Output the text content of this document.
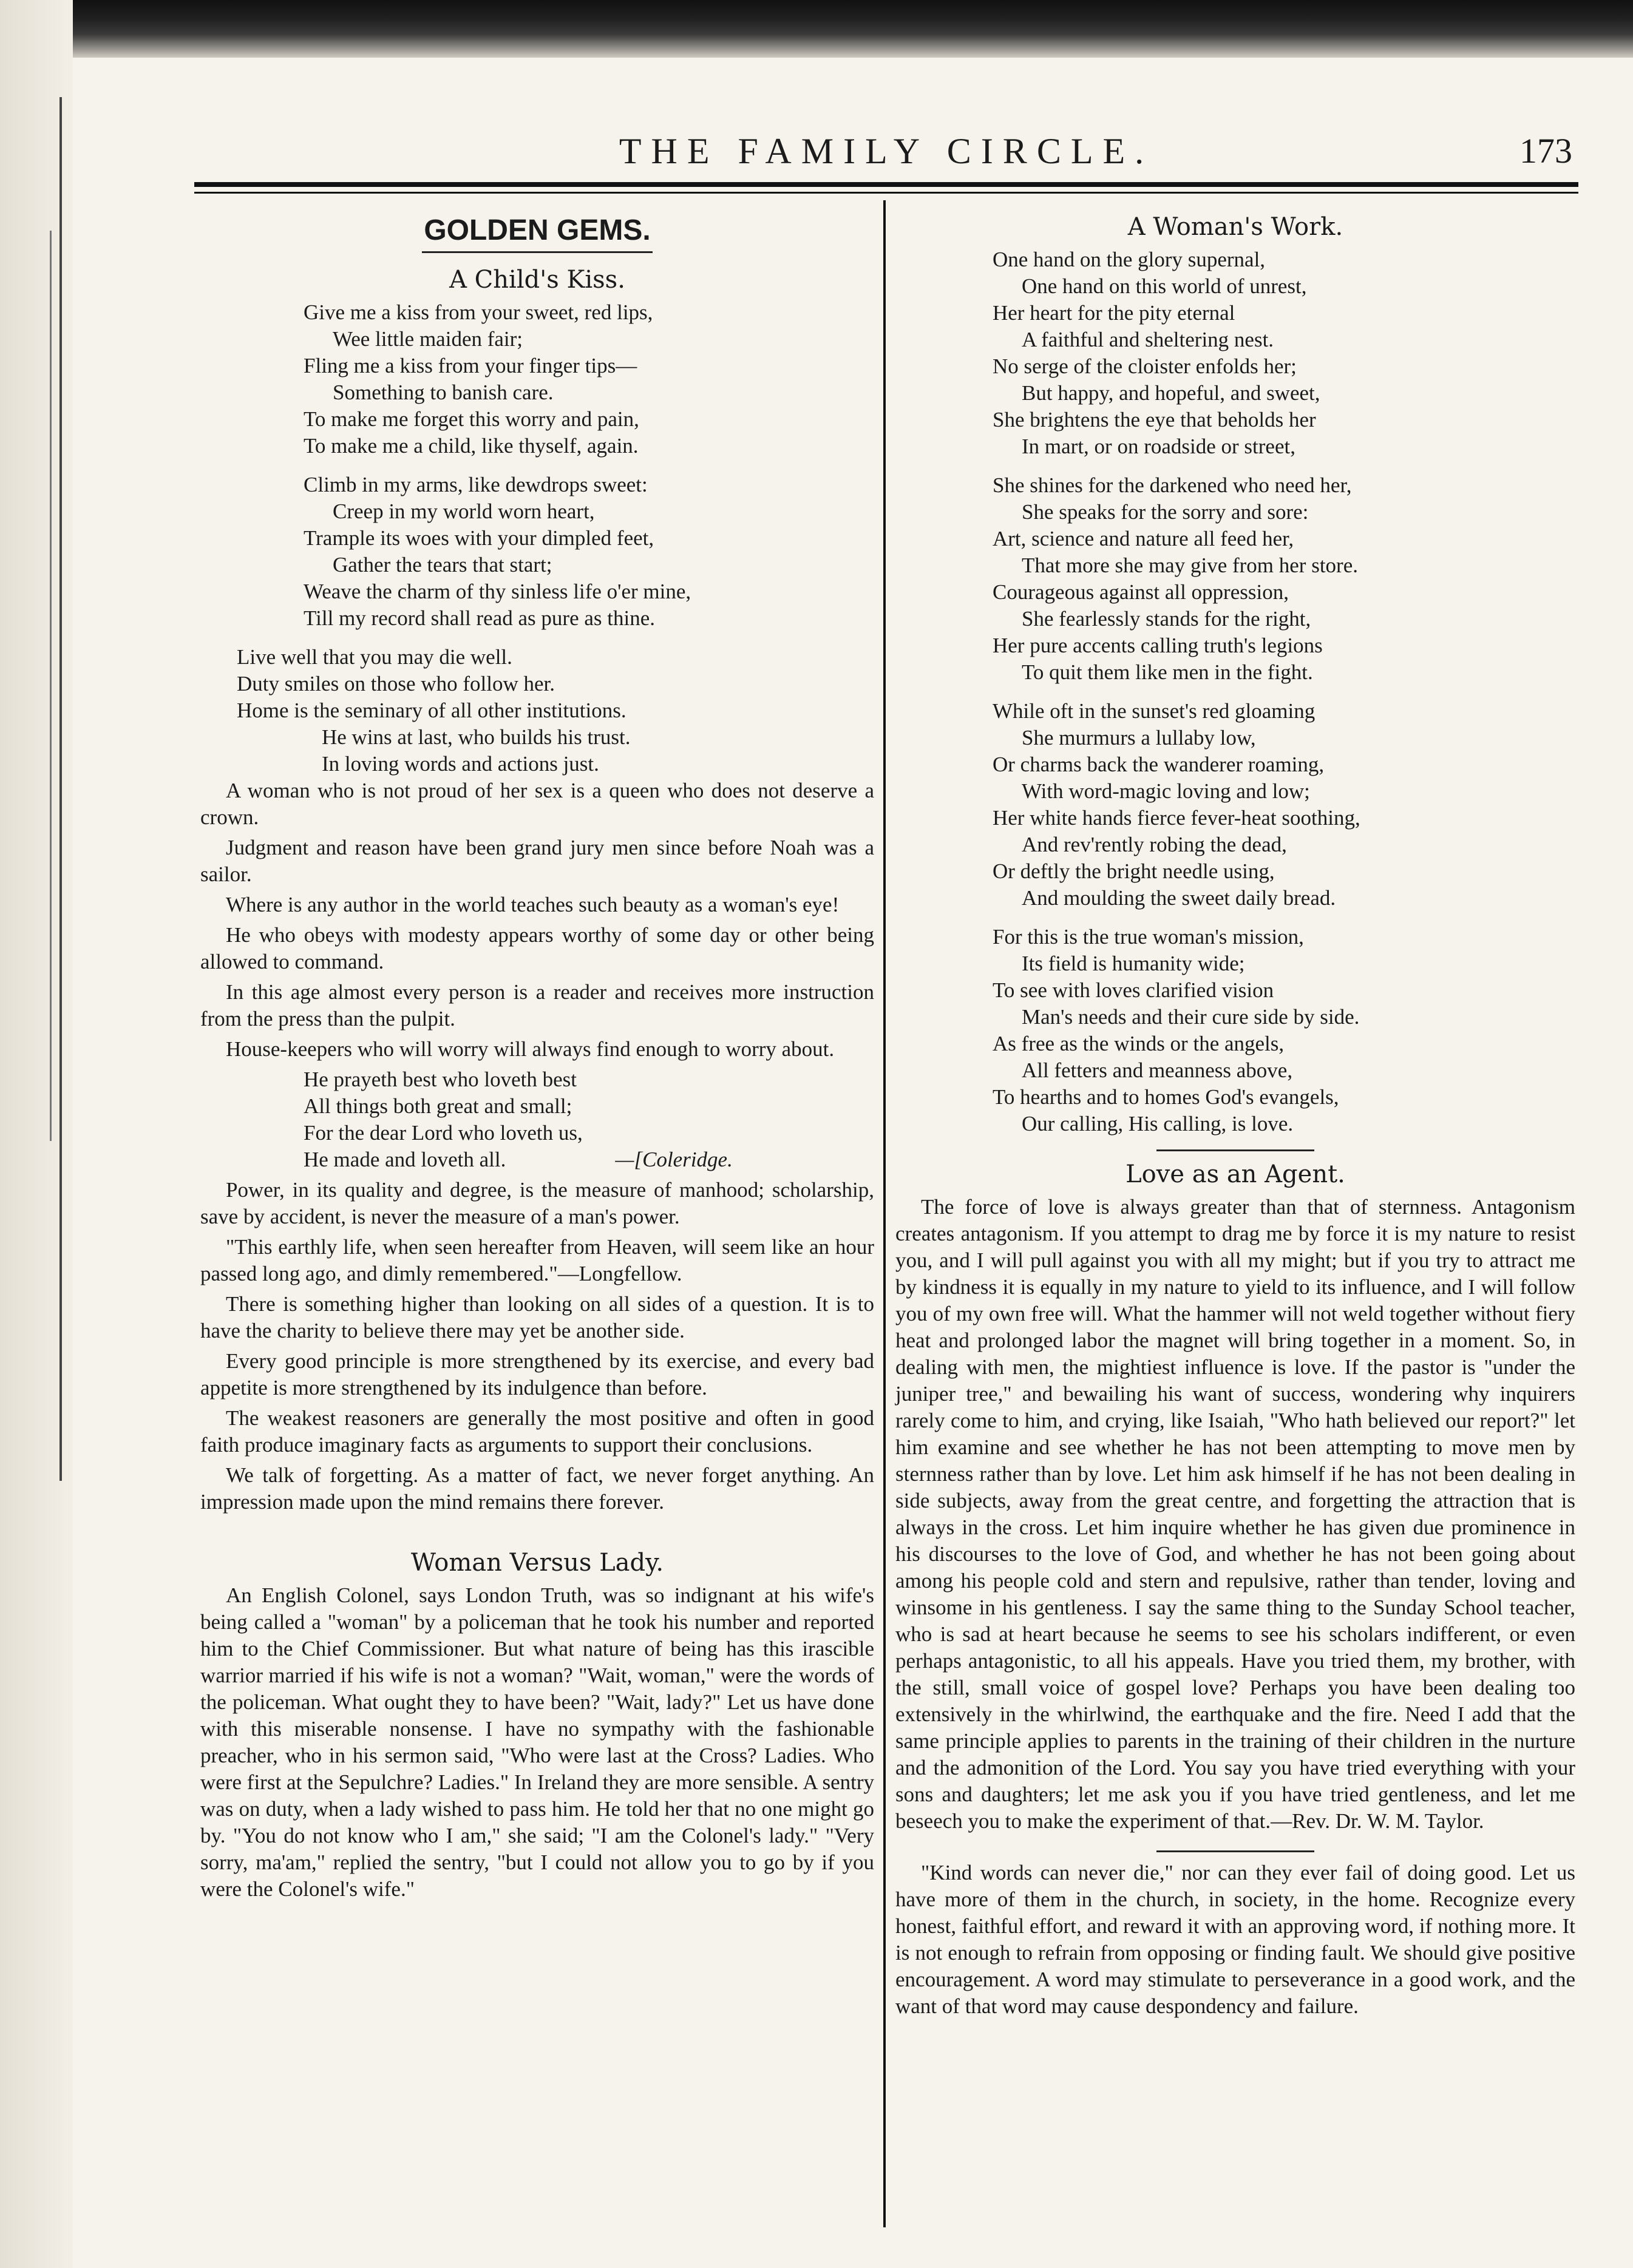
THE FAMILY CIRCLE.	173
GOLDEN GEMS.
A Child's Kiss.
Give me a kiss from your sweet, red lips,
Wee little maiden fair;
Fling me a kiss from your finger tips—
Something to banish care.
To make me forget this worry and pain,
To make me a child, like thyself, again.
Climb in my arms, like dewdrops sweet:
Creep in my world worn heart,
Trample its woes with your dimpled feet,
Gather the tears that start;
Weave the charm of thy sinless life o'er mine,
Till my record shall read as pure as thine.
Live well that you may die well.
Duty smiles on those who follow her.
Home is the seminary of all other institutions.
He wins at last, who builds his trust.
In loving words and actions just.

A woman who is not proud of her sex is a queen who does not deserve a crown.

Judgment and reason have been grand jury men since before Noah was a sailor.

Where is any author in the world teaches such beauty as a woman's eye!

He who obeys with modesty appears worthy of some day or other being allowed to command.

In this age almost every person is a reader and receives more instruction from the press than the pulpit.

House-keepers who will worry will always find enough to worry about.

He prayeth best who loveth best
All things both great and small;
For the dear Lord who loveth us,
He made and loveth all.	—[Coleridge.

Power, in its quality and degree, is the measure of manhood; scholarship, save by accident, is never the measure of a man's power.

"This earthly life, when seen hereafter from Heaven, will seem like an hour passed long ago, and dimly remembered."—Longfellow.

There is something higher than looking on all sides of a question. It is to have the charity to believe there may yet be another side.

Every good principle is more strengthened by its exercise, and every bad appetite is more strengthened by its indulgence than before.

The weakest reasoners are generally the most positive and often in good faith produce imaginary facts as arguments to support their conclusions.

We talk of forgetting. As a matter of fact, we never forget anything. An impression made upon the mind remains there forever.

Woman Versus Lady.

An English Colonel, says London Truth, was so indignant at his wife's being called a "woman" by a policeman that he took his number and reported him to the Chief Commissioner. But what nature of being has this irascible warrior married if his wife is not a woman? "Wait, woman," were the words of the policeman. What ought they to have been? "Wait, lady?" Let us have done with this miserable nonsense. I have no sympathy with the fashionable preacher, who in his sermon said, "Who were last at the Cross? Ladies. Who were first at the Sepulchre? Ladies." In Ireland they are more sensible. A sentry was on duty, when a lady wished to pass him. He told her that no one might go by. "You do not know who I am," she said; "I am the Colonel's lady." "Very sorry, ma'am," replied the sentry, "but I could not allow you to go by if you were the Colonel's wife."

A Woman's Work.
One hand on the glory supernal,
One hand on this world of unrest,
Her heart for the pity eternal
A faithful and sheltering nest.
No serge of the cloister enfolds her;
But happy, and hopeful, and sweet,
She brightens the eye that beholds her
In mart, or on roadside or street,
She shines for the darkened who need her,
She speaks for the sorry and sore:
Art, science and nature all feed her,
That more she may give from her store.
Courageous against all oppression,
She fearlessly stands for the right,
Her pure accents calling truth's legions
To quit them like men in the fight.
While oft in the sunset's red gloaming
She murmurs a lullaby low,
Or charms back the wanderer roaming,
With word-magic loving and low;
Her white hands fierce fever-heat soothing,
And rev'rently robing the dead,
Or deftly the bright needle using,
And moulding the sweet daily bread.
For this is the true woman's mission,
Its field is humanity wide;
To see with loves clarified vision
Man's needs and their cure side by side.
As free as the winds or the angels,
All fetters and meanness above,
To hearths and to homes God's evangels,
Our calling, His calling, is love.
Love as an Agent.

The force of love is always greater than that of sternness. Antagonism creates antagonism. If you attempt to drag me by force it is my nature to resist you, and I will pull against you with all my might; but if you try to attract me by kindness it is equally in my nature to yield to its influence, and I will follow you of my own free will. What the hammer will not weld together without fiery heat and prolonged labor the magnet will bring together in a moment. So, in dealing with men, the mightiest influence is love. If the pastor is "under the juniper tree," and bewailing his want of success, wondering why inquirers rarely come to him, and crying, like Isaiah, "Who hath believed our report?" let him examine and see whether he has not been attempting to move men by sternness rather than by love. Let him ask himself if he has not been dealing in side subjects, away from the great centre, and forgetting the attraction that is always in the cross. Let him inquire whether he has given due prominence in his discourses to the love of God, and whether he has not been going about among his people cold and stern and repulsive, rather than tender, loving and winsome in his gentleness. I say the same thing to the Sunday School teacher, who is sad at heart because he seems to see his scholars indifferent, or even perhaps antagonistic, to all his appeals. Have you tried them, my brother, with the still, small voice of gospel love? Perhaps you have been dealing too extensively in the whirlwind, the earthquake and the fire. Need I add that the same principle applies to parents in the training of their children in the nurture and the admonition of the Lord. You say you have tried everything with your sons and daughters; let me ask you if you have tried gentleness, and let me beseech you to make the experiment of that.—Rev. Dr. W. M. Taylor.

"Kind words can never die," nor can they ever fail of doing good. Let us have more of them in the church, in society, in the home. Recognize every honest, faithful effort, and reward it with an approving word, if nothing more. It is not enough to refrain from opposing or finding fault. We should give positive encouragement. A word may stimulate to perseverance in a good work, and the want of that word may cause despondency and failure.
